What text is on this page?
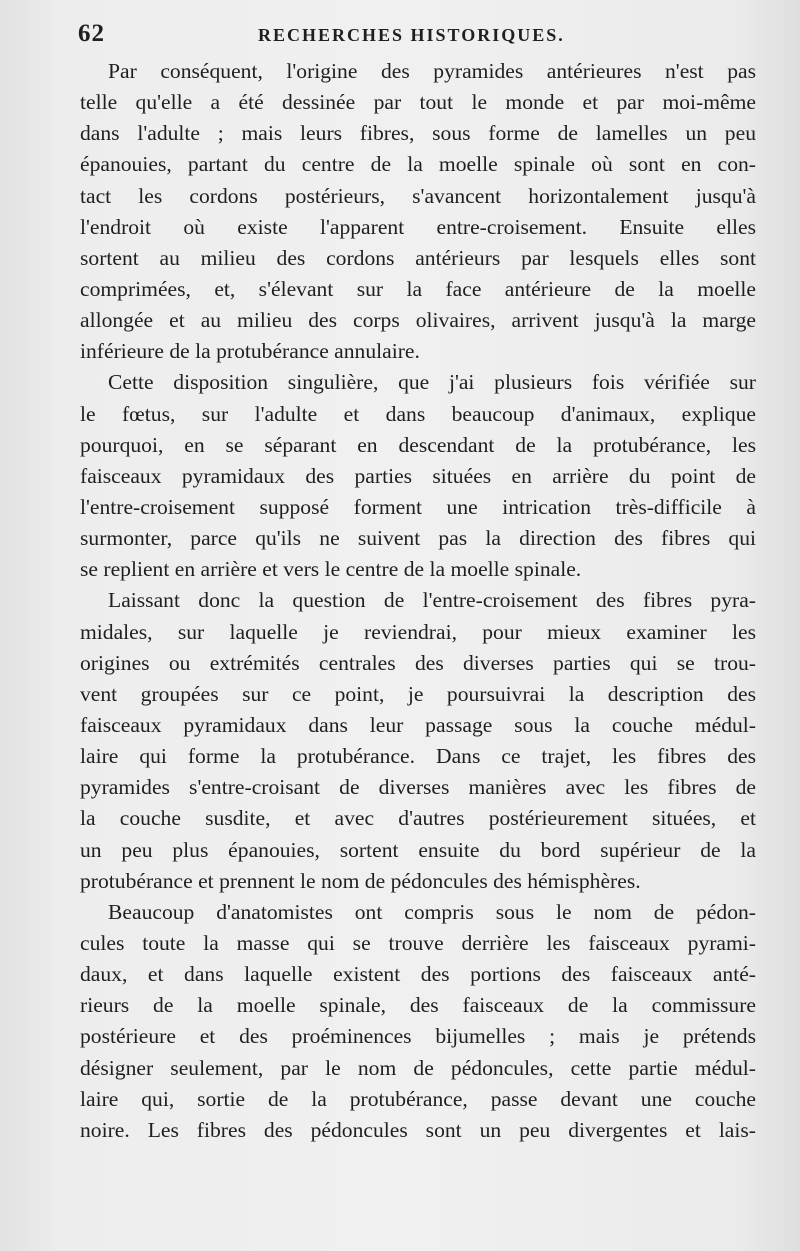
62	RECHERCHES HISTORIQUES.
Par conséquent, l'origine des pyramides antérieures n'est pas
telle qu'elle a été dessinée par tout le monde et par moi-même
dans l'adulte ; mais leurs fibres, sous forme de lamelles un peu
épanouies, partant du centre de la moelle spinale où sont en con-
tact les cordons postérieurs, s'avancent horizontalement jusqu'à
l'endroit où existe l'apparent entre-croisement. Ensuite elles
sortent au milieu des cordons antérieurs par lesquels elles sont
comprimées, et, s'élevant sur la face antérieure de la moelle
allongée et au milieu des corps olivaires, arrivent jusqu'à la marge
inférieure de la protubérance annulaire.
Cette disposition singulière, que j'ai plusieurs fois vérifiée sur
le fœtus, sur l'adulte et dans beaucoup d'animaux, explique
pourquoi, en se séparant en descendant de la protubérance, les
faisceaux pyramidaux des parties situées en arrière du point de
l'entre-croisement supposé forment une intrication très-difficile à
surmonter, parce qu'ils ne suivent pas la direction des fibres qui
se replient en arrière et vers le centre de la moelle spinale.
Laissant donc la question de l'entre-croisement des fibres pyra-
midales, sur laquelle je reviendrai, pour mieux examiner les
origines ou extrémités centrales des diverses parties qui se trou-
vent groupées sur ce point, je poursuivrai la description des
faisceaux pyramidaux dans leur passage sous la couche médul-
laire qui forme la protubérance. Dans ce trajet, les fibres des
pyramides s'entre-croisant de diverses manières avec les fibres de
la couche susdite, et avec d'autres postérieurement situées, et
un peu plus épanouies, sortent ensuite du bord supérieur de la
protubérance et prennent le nom de pédoncules des hémisphères.
Beaucoup d'anatomistes ont compris sous le nom de pédon-
cules toute la masse qui se trouve derrière les faisceaux pyrami-
daux, et dans laquelle existent des portions des faisceaux anté-
rieurs de la moelle spinale, des faisceaux de la commissure
postérieure et des proéminences bijumelles ; mais je prétends
désigner seulement, par le nom de pédoncules, cette partie médul-
laire qui, sortie de la protubérance, passe devant une couche
noire. Les fibres des pédoncules sont un peu divergentes et lais-
